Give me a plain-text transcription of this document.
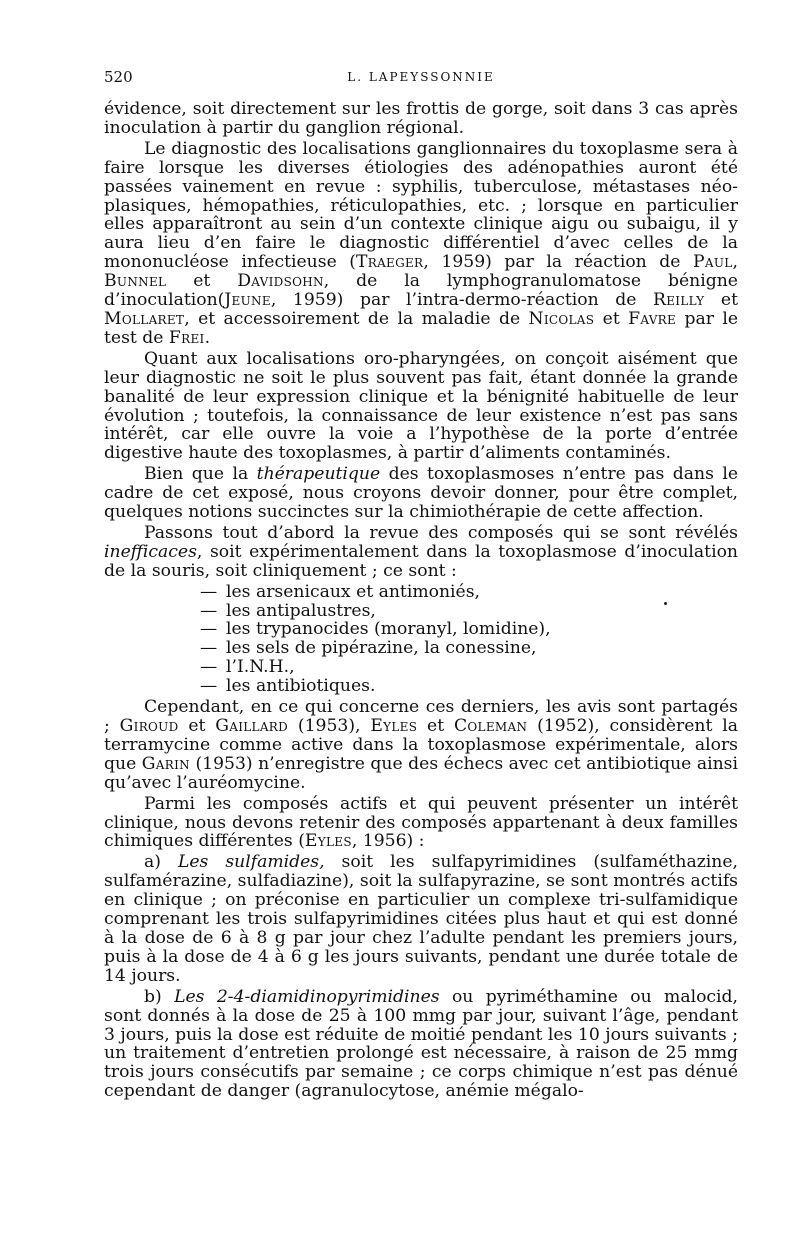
520	L. LAPEYSSONNIE

évidence, soit directement sur les frottis de gorge, soit dans 3 cas après inoculation à partir du ganglion régional.

Le diagnostic des localisations ganglionnaires du toxoplasme sera à faire lorsque les diverses étiologies des adénopathies auront été passées vainement en revue : syphilis, tuberculose, métastases néo-plasiques, hémopathies, réticulopathies, etc. ; lorsque en particulier elles apparaîtront au sein d’un contexte clinique aigu ou subaigu, il y aura lieu d’en faire le diagnostic différentiel d’avec celles de la mononucléose infectieuse (Traeger, 1959) par la réaction de Paul, Bunnel et Davidsohn, de la lymphogranulomatose bénigne d’inoculation(Jeune, 1959) par l’intra-dermo-réaction de Reilly et Mollaret, et accessoirement de la maladie de Nicolas et Favre par le test de Frei.

Quant aux localisations oro-pharyngées, on conçoit aisément que leur diagnostic ne soit le plus souvent pas fait, étant donnée la grande banalité de leur expression clinique et la bénignité habituelle de leur évolution ; toutefois, la connaissance de leur existence n’est pas sans intérêt, car elle ouvre la voie a l’hypothèse de la porte d’entrée digestive haute des toxoplasmes, à partir d’aliments contaminés.

Bien que la thérapeutique des toxoplasmoses n’entre pas dans le cadre de cet exposé, nous croyons devoir donner, pour être complet, quelques notions succinctes sur la chimiothérapie de cette affection.

Passons tout d’abord la revue des composés qui se sont révélés inefficaces, soit expérimentalement dans la toxoplasmose d’inoculation de la souris, soit cliniquement ; ce sont :

— les arsenicaux et antimoniés,
— les antipalustres,
— les trypanocides (moranyl, lomidine),
— les sels de pipérazine, la conessine,
— l’I.N.H.,
— les antibiotiques.

Cependant, en ce qui concerne ces derniers, les avis sont partagés ; Giroud et Gaillard (1953), Eyles et Coleman (1952), considèrent la terramycine comme active dans la toxoplasmose expérimentale, alors que Garin (1953) n’enregistre que des échecs avec cet antibiotique ainsi qu’avec l’auréomycine.

Parmi les composés actifs et qui peuvent présenter un intérêt clinique, nous devons retenir des composés appartenant à deux familles chimiques différentes (Eyles, 1956) :

a) Les sulfamides, soit les sulfapyrimidines (sulfaméthazine, sulfamérazine, sulfadiazine), soit la sulfapyrazine, se sont montrés actifs en clinique ; on préconise en particulier un complexe tri-sulfamidique comprenant les trois sulfapyrimidines citées plus haut et qui est donné à la dose de 6 à 8 g par jour chez l’adulte pendant les premiers jours, puis à la dose de 4 à 6 g les jours suivants, pendant une durée totale de 14 jours.

b) Les 2-4-diamidinopyrimidines ou pyriméthamine ou malocid, sont donnés à la dose de 25 à 100 mmg par jour, suivant l’âge, pendant 3 jours, puis la dose est réduite de moitié pendant les 10 jours suivants ; un traitement d’entretien prolongé est nécessaire, à raison de 25 mmg trois jours consécutifs par semaine ; ce corps chimique n’est pas dénué cependant de danger (agranulocytose, anémie mégalo-
